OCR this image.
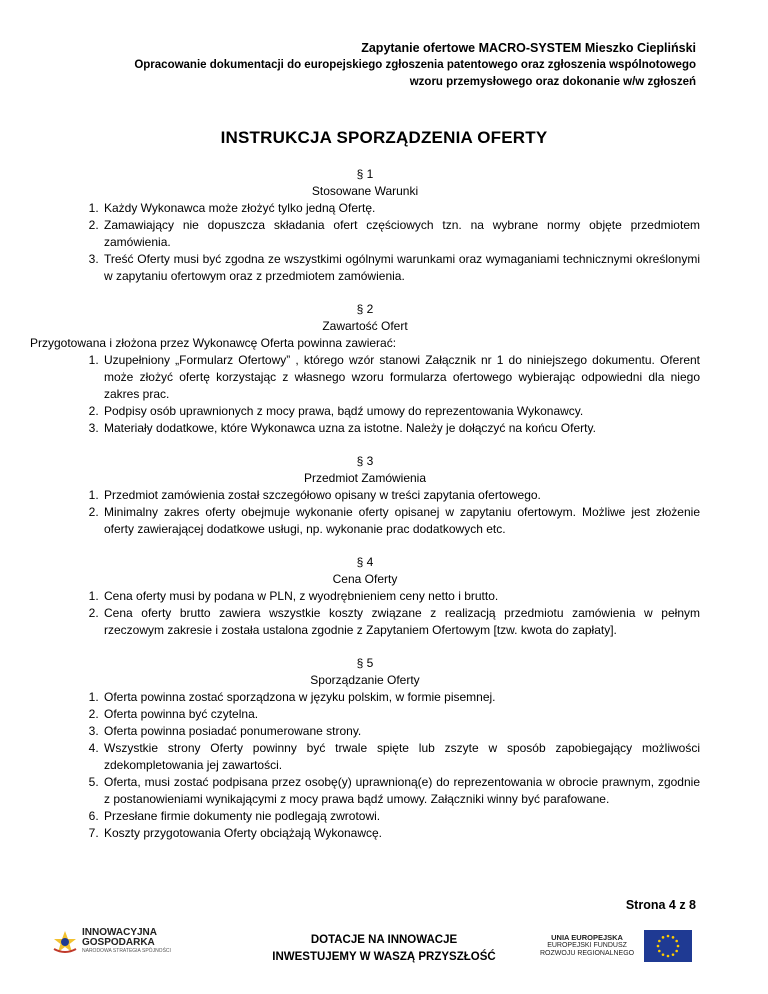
Zapytanie ofertowe MACRO-SYSTEM Mieszko Ciepliński
Opracowanie dokumentacji do europejskiego zgłoszenia patentowego oraz zgłoszenia wspólnotowego
wzoru przemysłowego oraz dokonanie w/w zgłoszeń
INSTRUKCJA SPORZĄDZENIA OFERTY
§ 1
Stosowane Warunki
1. Każdy Wykonawca może złożyć tylko jedną Ofertę.
2. Zamawiający nie dopuszcza składania ofert częściowych tzn. na wybrane normy objęte przedmiotem zamówienia.
3. Treść Oferty musi być zgodna ze wszystkimi ogólnymi warunkami oraz wymaganiami technicznymi określonymi w zapytaniu ofertowym oraz z przedmiotem zamówienia.
§ 2
Zawartość Ofert
Przygotowana i złożona przez Wykonawcę Oferta powinna zawierać:
1. Uzupełniony „Formularz Ofertowy” , którego wzór stanowi Załącznik nr 1 do niniejszego dokumentu. Oferent może złożyć ofertę korzystając z własnego wzoru formularza ofertowego wybierając odpowiedni dla niego zakres prac.
2. Podpisy osób uprawnionych z mocy prawa, bądź umowy do reprezentowania Wykonawcy.
3. Materiały dodatkowe, które Wykonawca uzna za istotne. Należy je dołączyć na końcu Oferty.
§ 3
Przedmiot Zamówienia
1. Przedmiot zamówienia został szczegółowo opisany w treści zapytania ofertowego.
2. Minimalny zakres oferty obejmuje wykonanie oferty opisanej w zapytaniu ofertowym. Możliwe jest złożenie oferty zawierającej dodatkowe usługi, np. wykonanie prac dodatkowych etc.
§ 4
Cena Oferty
1. Cena oferty musi by podana w PLN, z wyodrębnieniem ceny netto i brutto.
2. Cena oferty brutto zawiera wszystkie koszty związane z realizacją przedmiotu zamówienia w pełnym rzeczowym zakresie i została ustalona zgodnie z Zapytaniem Ofertowym [tzw. kwota do zapłaty].
§ 5
Sporządzanie Oferty
1. Oferta powinna zostać sporządzona w języku polskim, w formie pisemnej.
2. Oferta powinna być czytelna.
3. Oferta powinna posiadać ponumerowane strony.
4. Wszystkie strony Oferty powinny być trwale spięte lub zszyte w sposób zapobiegający możliwości zdekompletowania jej zawartości.
5. Oferta, musi zostać podpisana przez osobę(y) uprawnioną(e) do reprezentowania w obrocie prawnym, zgodnie z postanowieniami wynikającymi z mocy prawa bądź umowy. Załączniki winny być parafowane.
6. Przesłane firmie dokumenty nie podlegają zwrotowi.
7. Koszty przygotowania Oferty obciążają Wykonawcę.
Strona 4 z 8
INNOWACYJNA
GOSPODARKA
NARODOWA STRATEGIA SPÓJNOŚCI
DOTACJE NA INNOWACJE
INWESTUJEMY W WASZĄ PRZYSZŁOŚĆ
UNIA EUROPEJSKA
EUROPEJSKI FUNDUSZ
ROZWOJU REGIONALNEGO
